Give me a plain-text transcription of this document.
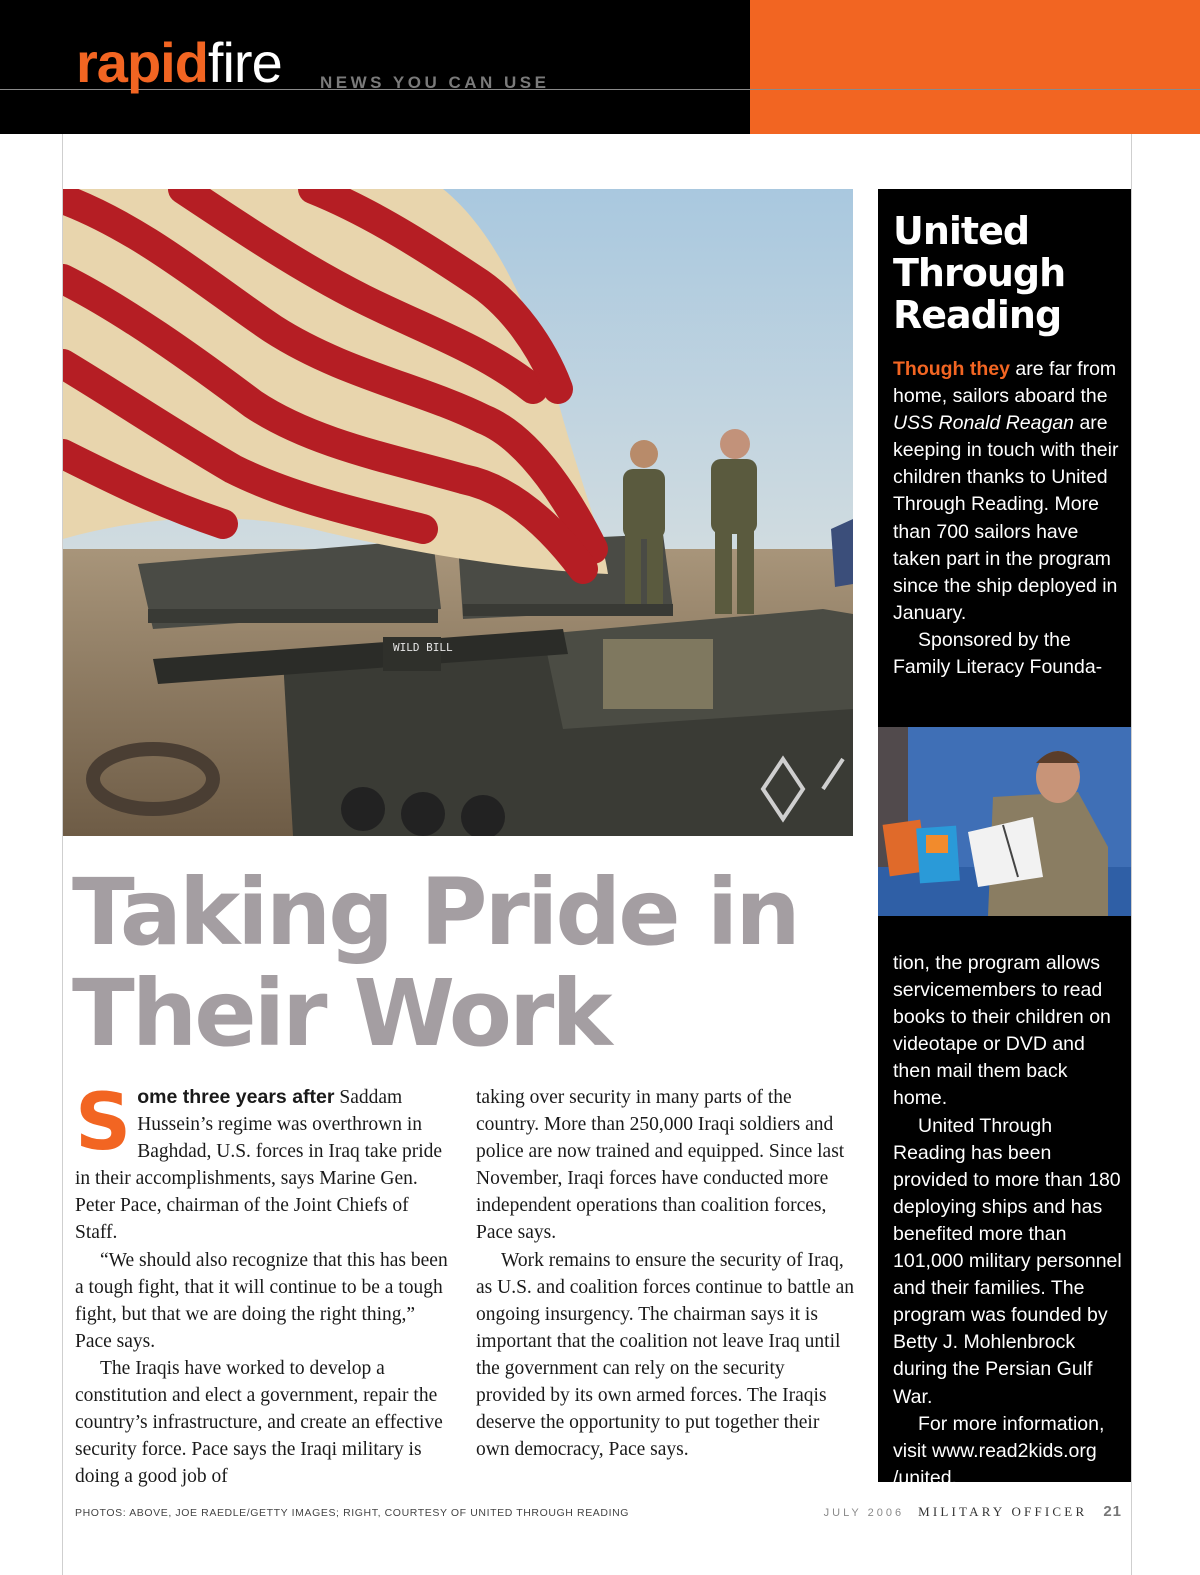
rapidfire NEWS YOU CAN USE
WILD BILL
Taking Pride in Their Work

Some three years after Saddam Hussein’s regime was overthrown in Baghdad, U.S. forces in Iraq take pride in their accomplishments, says Marine Gen. Peter Pace, chairman of the Joint Chiefs of Staff.

“We should also recognize that this has been a tough fight, that it will continue to be a tough fight, but that we are doing the right thing,” Pace says.

The Iraqis have worked to develop a constitution and elect a government, repair the country’s infrastructure, and create an effective security force. Pace says the Iraqi military is doing a good job of

taking over security in many parts of the country. More than 250,000 Iraqi soldiers and police are now trained and equipped. Since last November, Iraqi forces have conducted more independent operations than coalition forces, Pace says.

Work remains to ensure the security of Iraq, as U.S. and coalition forces continue to battle an ongoing insurgency. The chairman says it is important that the coalition not leave Iraq until the government can rely on the security provided by its own armed forces. The Iraqis deserve the opportunity to put together their own democracy, Pace says.

United Through Reading

Though they are far from home, sailors aboard the USS Ronald Reagan are keeping in touch with their children thanks to United Through Reading. More than 700 sailors have taken part in the program since the ship deployed in January.

Sponsored by the Family Literacy Founda-

tion, the program allows servicemembers to read books to their children on videotape or DVD and then mail them back home.

United Through Reading has been provided to more than 180 deploying ships and has benefited more than 101,000 military personnel and their families. The program was founded by Betty J. Mohlenbrock during the Persian Gulf War.

For more information, visit www.read2kids.org /united.

PHOTOS: ABOVE, JOE RAEDLE/GETTY IMAGES; RIGHT, COURTESY OF UNITED THROUGH READING	JULY 2006 MILITARY OFFICER 21
